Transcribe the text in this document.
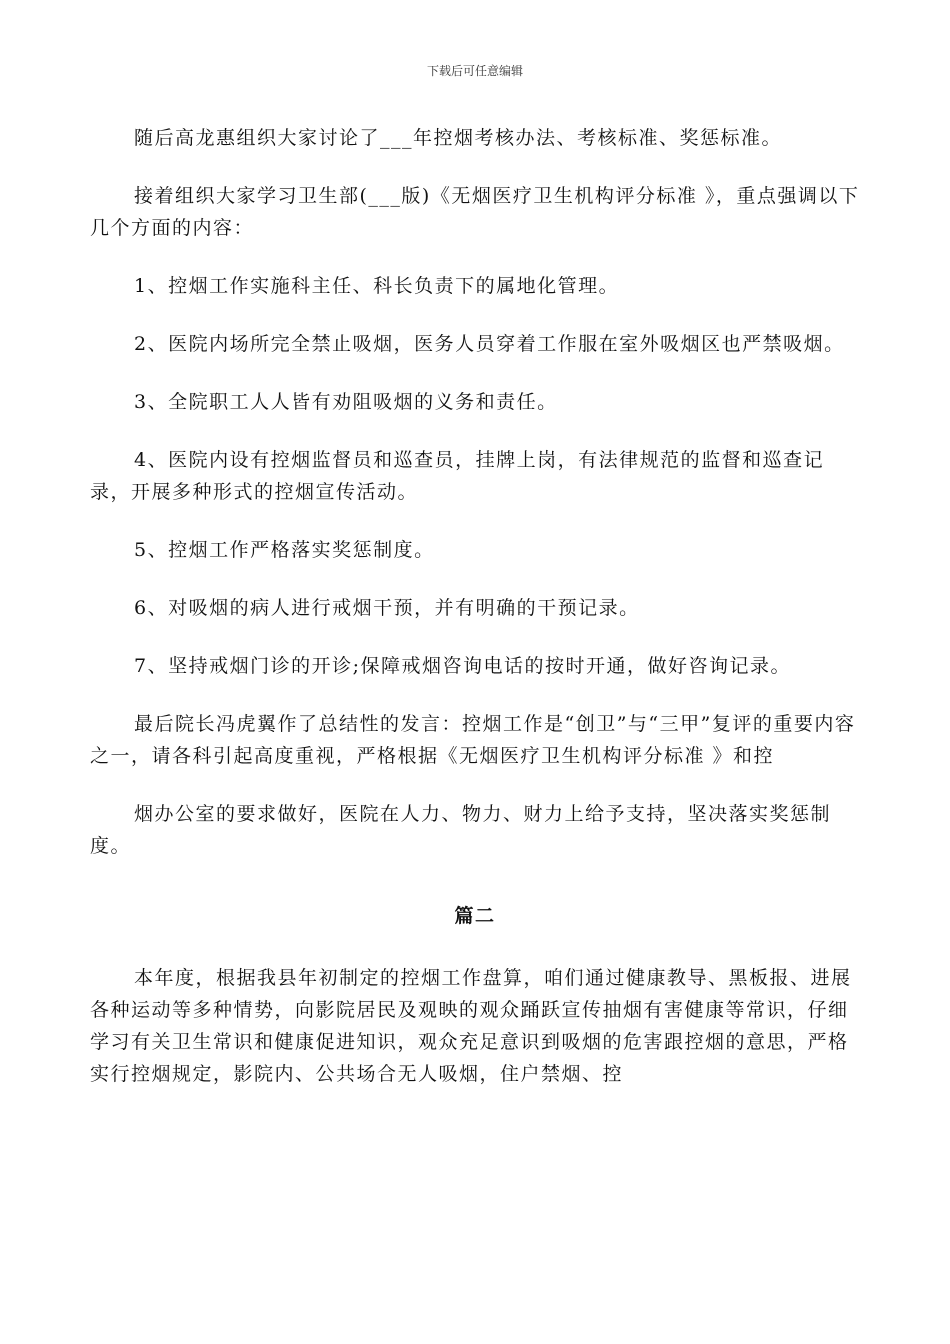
下载后可任意编辑

随后高龙惠组织大家讨论了___年控烟考核办法、考核标准、奖惩标准。

接着组织大家学习卫生部(___版)《无烟医疗卫生机构评分标准 》，重点强调以下几个方面的内容：

1、控烟工作实施科主任、科长负责下的属地化管理。

2、医院内场所完全禁止吸烟，医务人员穿着工作服在室外吸烟区也严禁吸烟。

3、全院职工人人皆有劝阻吸烟的义务和责任。

4、医院内设有控烟监督员和巡查员，挂牌上岗，有法律规范的监督和巡查记录，开展多种形式的控烟宣传活动。

5、控烟工作严格落实奖惩制度。

6、对吸烟的病人进行戒烟干预，并有明确的干预记录。

7、坚持戒烟门诊的开诊;保障戒烟咨询电话的按时开通，做好咨询记录。

最后院长冯虎翼作了总结性的发言：控烟工作是“创卫”与“三甲”复评的重要内容之一，请各科引起高度重视，严格根据《无烟医疗卫生机构评分标准 》和控

烟办公室的要求做好，医院在人力、物力、财力上给予支持，坚决落实奖惩制度。

篇二

本年度，根据我县年初制定的控烟工作盘算，咱们通过健康教导、黑板报、进展各种运动等多种情势，向影院居民及观映的观众踊跃宣传抽烟有害健康等常识，仔细学习有关卫生常识和健康促进知识，观众充足意识到吸烟的危害跟控烟的意思，严格实行控烟规定，影院内、公共场合无人吸烟，住户禁烟、控
